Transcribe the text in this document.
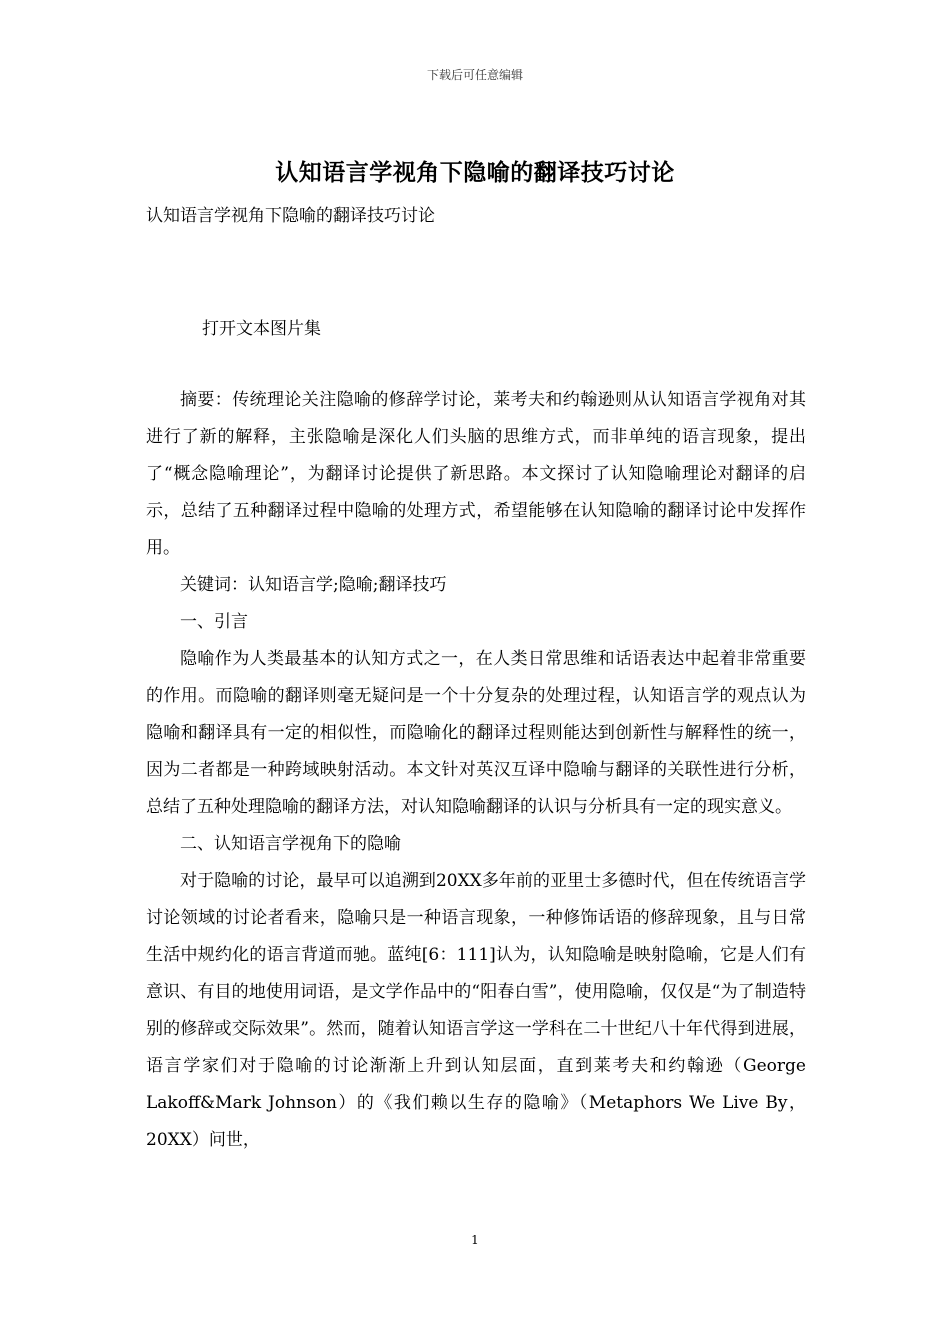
下载后可任意编辑
认知语言学视角下隐喻的翻译技巧讨论
认知语言学视角下隐喻的翻译技巧讨论
打开文本图片集

摘要：传统理论关注隐喻的修辞学讨论，莱考夫和约翰逊则从认知语言学视角对其进行了新的解释，主张隐喻是深化人们头脑的思维方式，而非单纯的语言现象，提出了“概念隐喻理论”，为翻译讨论提供了新思路。本文探讨了认知隐喻理论对翻译的启示，总结了五种翻译过程中隐喻的处理方式，希望能够在认知隐喻的翻译讨论中发挥作用。

关键词：认知语言学;隐喻;翻译技巧

一、引言

隐喻作为人类最基本的认知方式之一，在人类日常思维和话语表达中起着非常重要的作用。而隐喻的翻译则毫无疑问是一个十分复杂的处理过程，认知语言学的观点认为隐喻和翻译具有一定的相似性，而隐喻化的翻译过程则能达到创新性与解释性的统一，因为二者都是一种跨域映射活动。本文针对英汉互译中隐喻与翻译的关联性进行分析，总结了五种处理隐喻的翻译方法，对认知隐喻翻译的认识与分析具有一定的现实意义。

二、认知语言学视角下的隐喻

对于隐喻的讨论，最早可以追溯到20XX多年前的亚里士多德时代，但在传统语言学讨论领域的讨论者看来，隐喻只是一种语言现象，一种修饰话语的修辞现象，且与日常生活中规约化的语言背道而驰。蓝纯[6：111]认为，认知隐喻是映射隐喻，它是人们有意识、有目的地使用词语，是文学作品中的“阳春白雪”，使用隐喻，仅仅是“为了制造特别的修辞或交际效果”。然而，随着认知语言学这一学科在二十世纪八十年代得到进展，语言学家们对于隐喻的讨论渐渐上升到认知层面，直到莱考夫和约翰逊（George Lakoff&Mark Johnson）的《我们赖以生存的隐喻》（Metaphors We Live By，20XX）问世，

1
